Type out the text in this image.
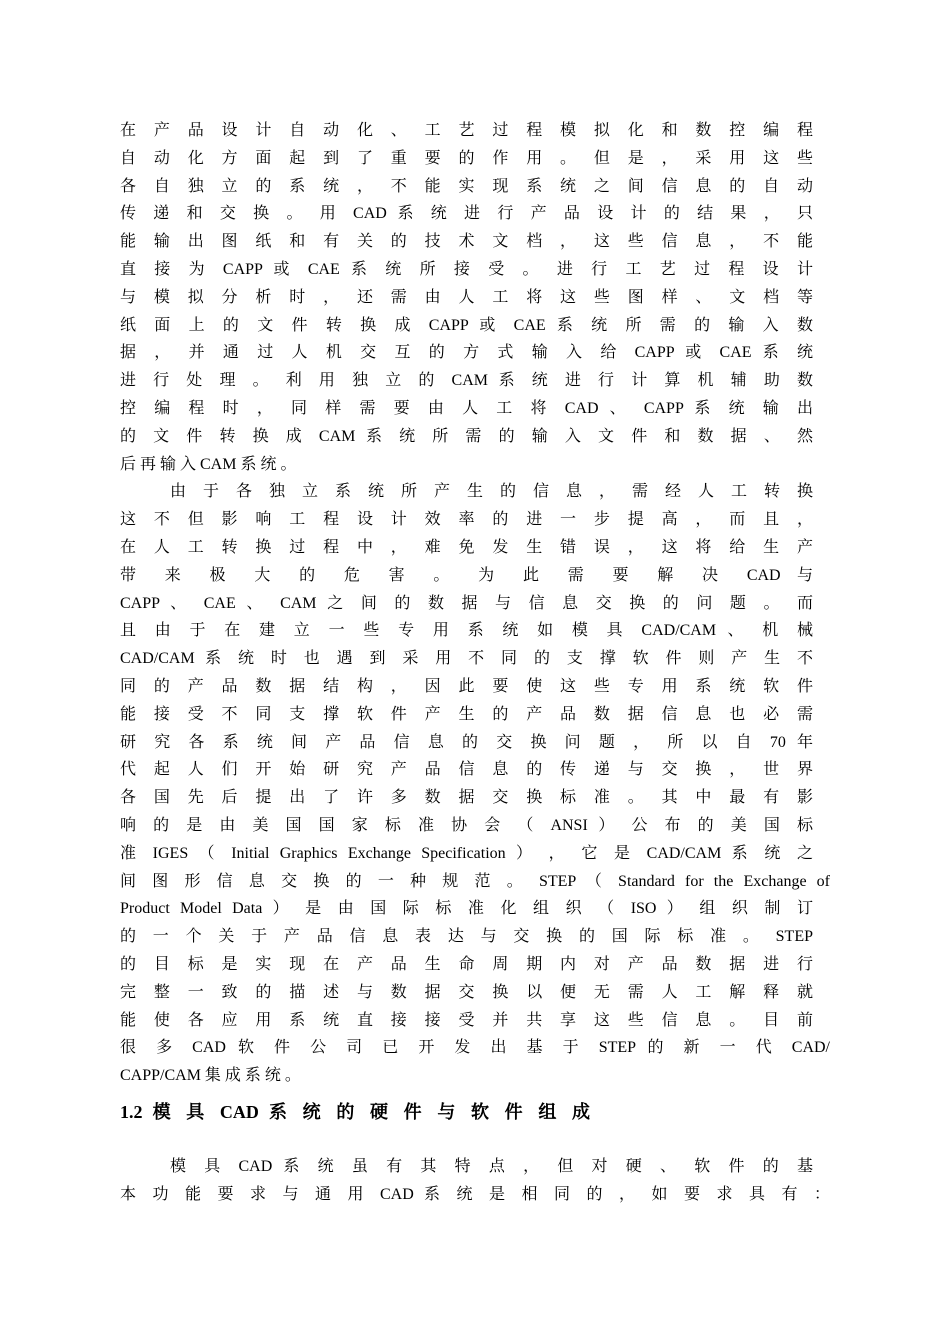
在 产 品 设 计 自 动 化 、 工 艺 过 程 模 拟 化 和 数 控 编 程
自 动 化 方 面 起 到 了 重 要 的 作 用 。 但 是 ， 采 用 这 些
各 自 独 立 的 系 统 ， 不 能 实 现 系 统 之 间 信 息 的 自 动
传 递 和 交 换 。 用 CAD 系 统 进 行 产 品 设 计 的 结 果 ， 只
能 输 出 图 纸 和 有 关 的 技 术 文 档 ， 这 些 信 息 ， 不 能
直 接 为 CAPP 或 CAE 系 统 所 接 受 。 进 行 工 艺 过 程 设 计
与 模 拟 分 析 时 ， 还 需 由 人 工 将 这 些 图 样 、 文 档 等
纸 面 上 的 文 件 转 换 成 CAPP 或 CAE 系 统 所 需 的 输 入 数
据 ， 并 通 过 人 机 交 互 的 方 式 输 入 给 CAPP 或 CAE 系 统
进 行 处 理 。 利 用 独 立 的 CAM 系 统 进 行 计 算 机 辅 助 数
控 编 程 时 ， 同 样 需 要 由 人 工 将 CAD 、 CAPP 系 统 输 出
的 文 件 转 换 成 CAM 系 统 所 需 的 输 入 文 件 和 数 据 、 然
后 再 输 入 CAM 系 统 。
由 于 各 独 立 系 统 所 产 生 的 信 息 ， 需 经 人 工 转 换
这 不 但 影 响 工 程 设 计 效 率 的 进 一 步 提 高 ， 而 且 ，
在 人 工 转 换 过 程 中 ， 难 免 发 生 错 误 ， 这 将 给 生 产
带 来 极 大 的 危 害 。 为 此 需 要 解 决 CAD 与
CAPP 、 CAE 、 CAM 之 间 的 数 据 与 信 息 交 换 的 问 题 。 而
且 由 于 在 建 立 一 些 专 用 系 统 如 模 具 CAD/CAM 、 机 械
CAD/CAM 系 统 时 也 遇 到 采 用 不 同 的 支 撑 软 件 则 产 生 不
同 的 产 品 数 据 结 构 ， 因 此 要 使 这 些 专 用 系 统 软 件
能 接 受 不 同 支 撑 软 件 产 生 的 产 品 数 据 信 息 也 必 需
研 究 各 系 统 间 产 品 信 息 的 交 换 问 题 ， 所 以 自 70 年
代 起 人 们 开 始 研 究 产 品 信 息 的 传 递 与 交 换 ， 世 界
各 国 先 后 提 出 了 许 多 数 据 交 换 标 准 。 其 中 最 有 影
响 的 是 由 美 国 国 家 标 准 协 会 （ ANSI ） 公 布 的 美 国 标
准 IGES （ Initial Graphics Exchange Specification ） ， 它 是 CAD/CAM 系 统 之
间 图 形 信 息 交 换 的 一 种 规 范 。 STEP （ Standard for the Exchange of
Product Model Data ） 是 由 国 际 标 准 化 组 织 （ ISO ） 组 织 制 订
的 一 个 关 于 产 品 信 息 表 达 与 交 换 的 国 际 标 准 。 STEP
的 目 标 是 实 现 在 产 品 生 命 周 期 内 对 产 品 数 据 进 行
完 整 一 致 的 描 述 与 数 据 交 换 以 便 无 需 人 工 解 释 就
能 使 各 应 用 系 统 直 接 接 受 并 共 享 这 些 信 息 。 目 前
很 多 CAD 软 件 公 司 已 开 发 出 基 于 STEP 的 新 一 代 CAD/
CAPP/CAM 集 成 系 统 。
1.2 模 具 CAD 系 统 的 硬 件 与 软 件 组 成
模 具 CAD 系 统 虽 有 其 特 点 ， 但 对 硬 、 软 件 的 基
本 功 能 要 求 与 通 用 CAD 系 统 是 相 同 的 ， 如 要 求 具 有 ：
